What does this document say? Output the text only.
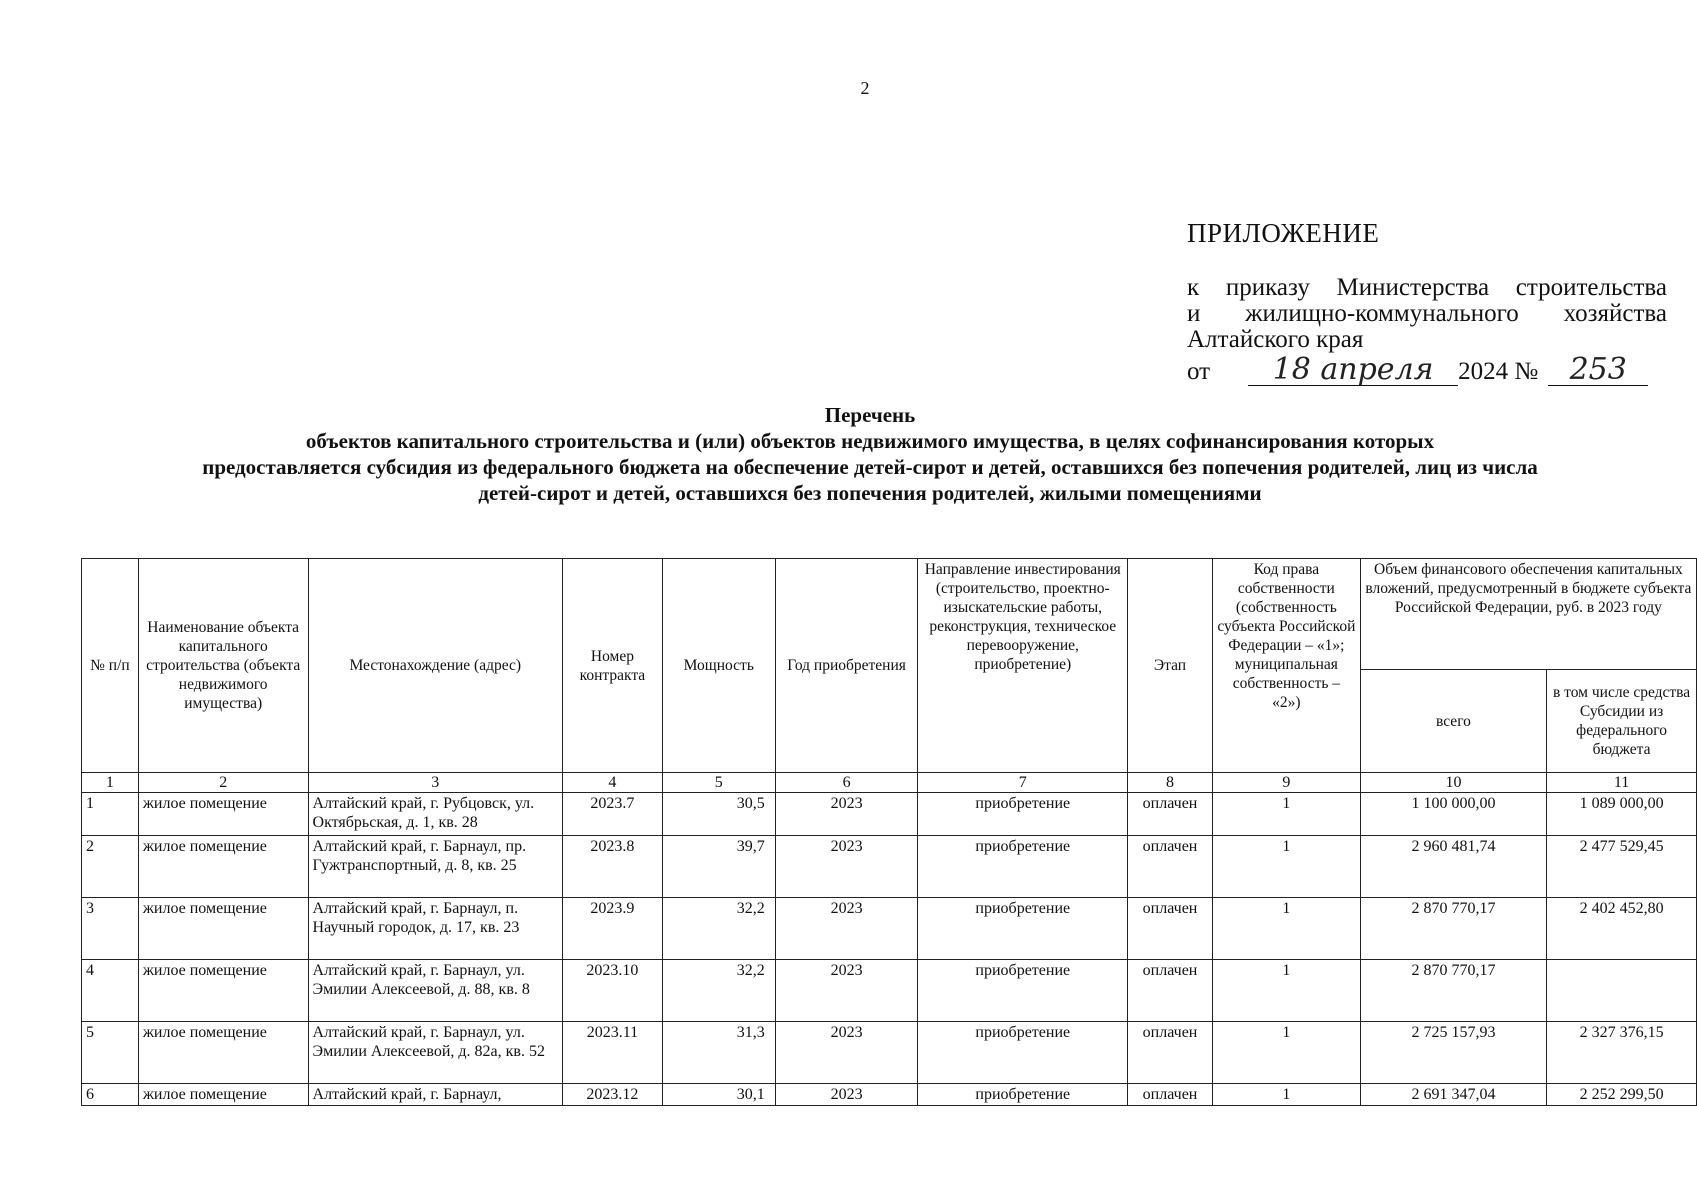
2
ПРИЛОЖЕНИЕ
к приказу Министерства строительства
и жилищно-коммунального хозяйства
Алтайского края
от	18 апреля 2024 №	253
Перечень
объектов капитального строительства и (или) объектов недвижимого имущества, в целях софинансирования которых
предоставляется субсидия из федерального бюджета на обеспечение детей-сирот и детей, оставшихся без попечения родителей, лиц из числа
детей-сирот и детей, оставшихся без попечения родителей, жилыми помещениями
№ п/п	Наименование объекта капитального строительства (объекта недвижимого имущества)	Местонахождение (адрес)	Номер контракта	Мощность	Год приобретения	Направление инвестирования (строительство, проектно-изыскательские работы, реконструкция, техническое перевооружение, приобретение)	Этап	Код права собственности (собственность субъекта Российской Федерации – «1»; муниципальная собственность – «2»)	Объем финансового обеспечения капитальных вложений, предусмотренный в бюджете субъекта Российской Федерации, руб. в 2023 году	
									всего	в том числе средства Субсидии из федерального бюджета
1	2	3	4	5	6	7	8	9	10	11
1	жилое помещение	Алтайский край, г. Рубцовск, ул. Октябрьская, д. 1, кв. 28	2023.7	30,5	2023	приобретение	оплачен	1	1 100 000,00	1 089 000,00
2	жилое помещение	Алтайский край, г. Барнаул, пр. Гужтранспортный, д. 8, кв. 25	2023.8	39,7	2023	приобретение	оплачен	1	2 960 481,74	2 477 529,45
3	жилое помещение	Алтайский край, г. Барнаул, п. Научный городок, д. 17, кв. 23	2023.9	32,2	2023	приобретение	оплачен	1	2 870 770,17	2 402 452,80
4	жилое помещение	Алтайский край, г. Барнаул, ул. Эмилии Алексеевой, д. 88, кв. 8	2023.10	32,2	2023	приобретение	оплачен	1	2 870 770,17	
5	жилое помещение	Алтайский край, г. Барнаул, ул. Эмилии Алексеевой, д. 82а, кв. 52	2023.11	31,3	2023	приобретение	оплачен	1	2 725 157,93	2 327 376,15
6	жилое помещение	Алтайский край, г. Барнаул,	2023.12	30,1	2023	приобретение	оплачен	1	2 691 347,04	2 252 299,50
